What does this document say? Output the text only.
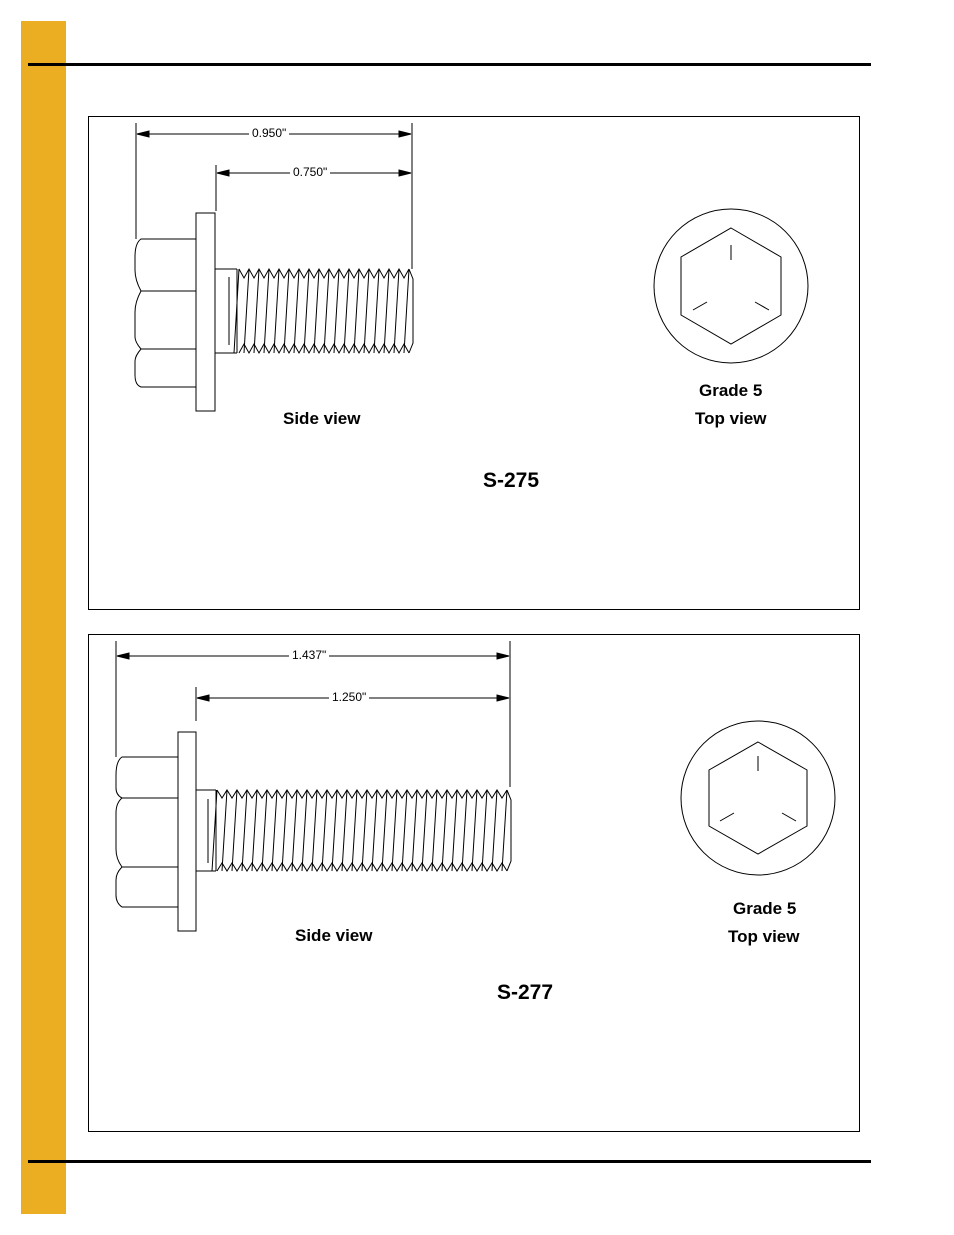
0.950"
0.750"
Side view
Grade 5
Top view
S-275
1.437"
1.250"
Side view
Grade 5
Top view
S-277
